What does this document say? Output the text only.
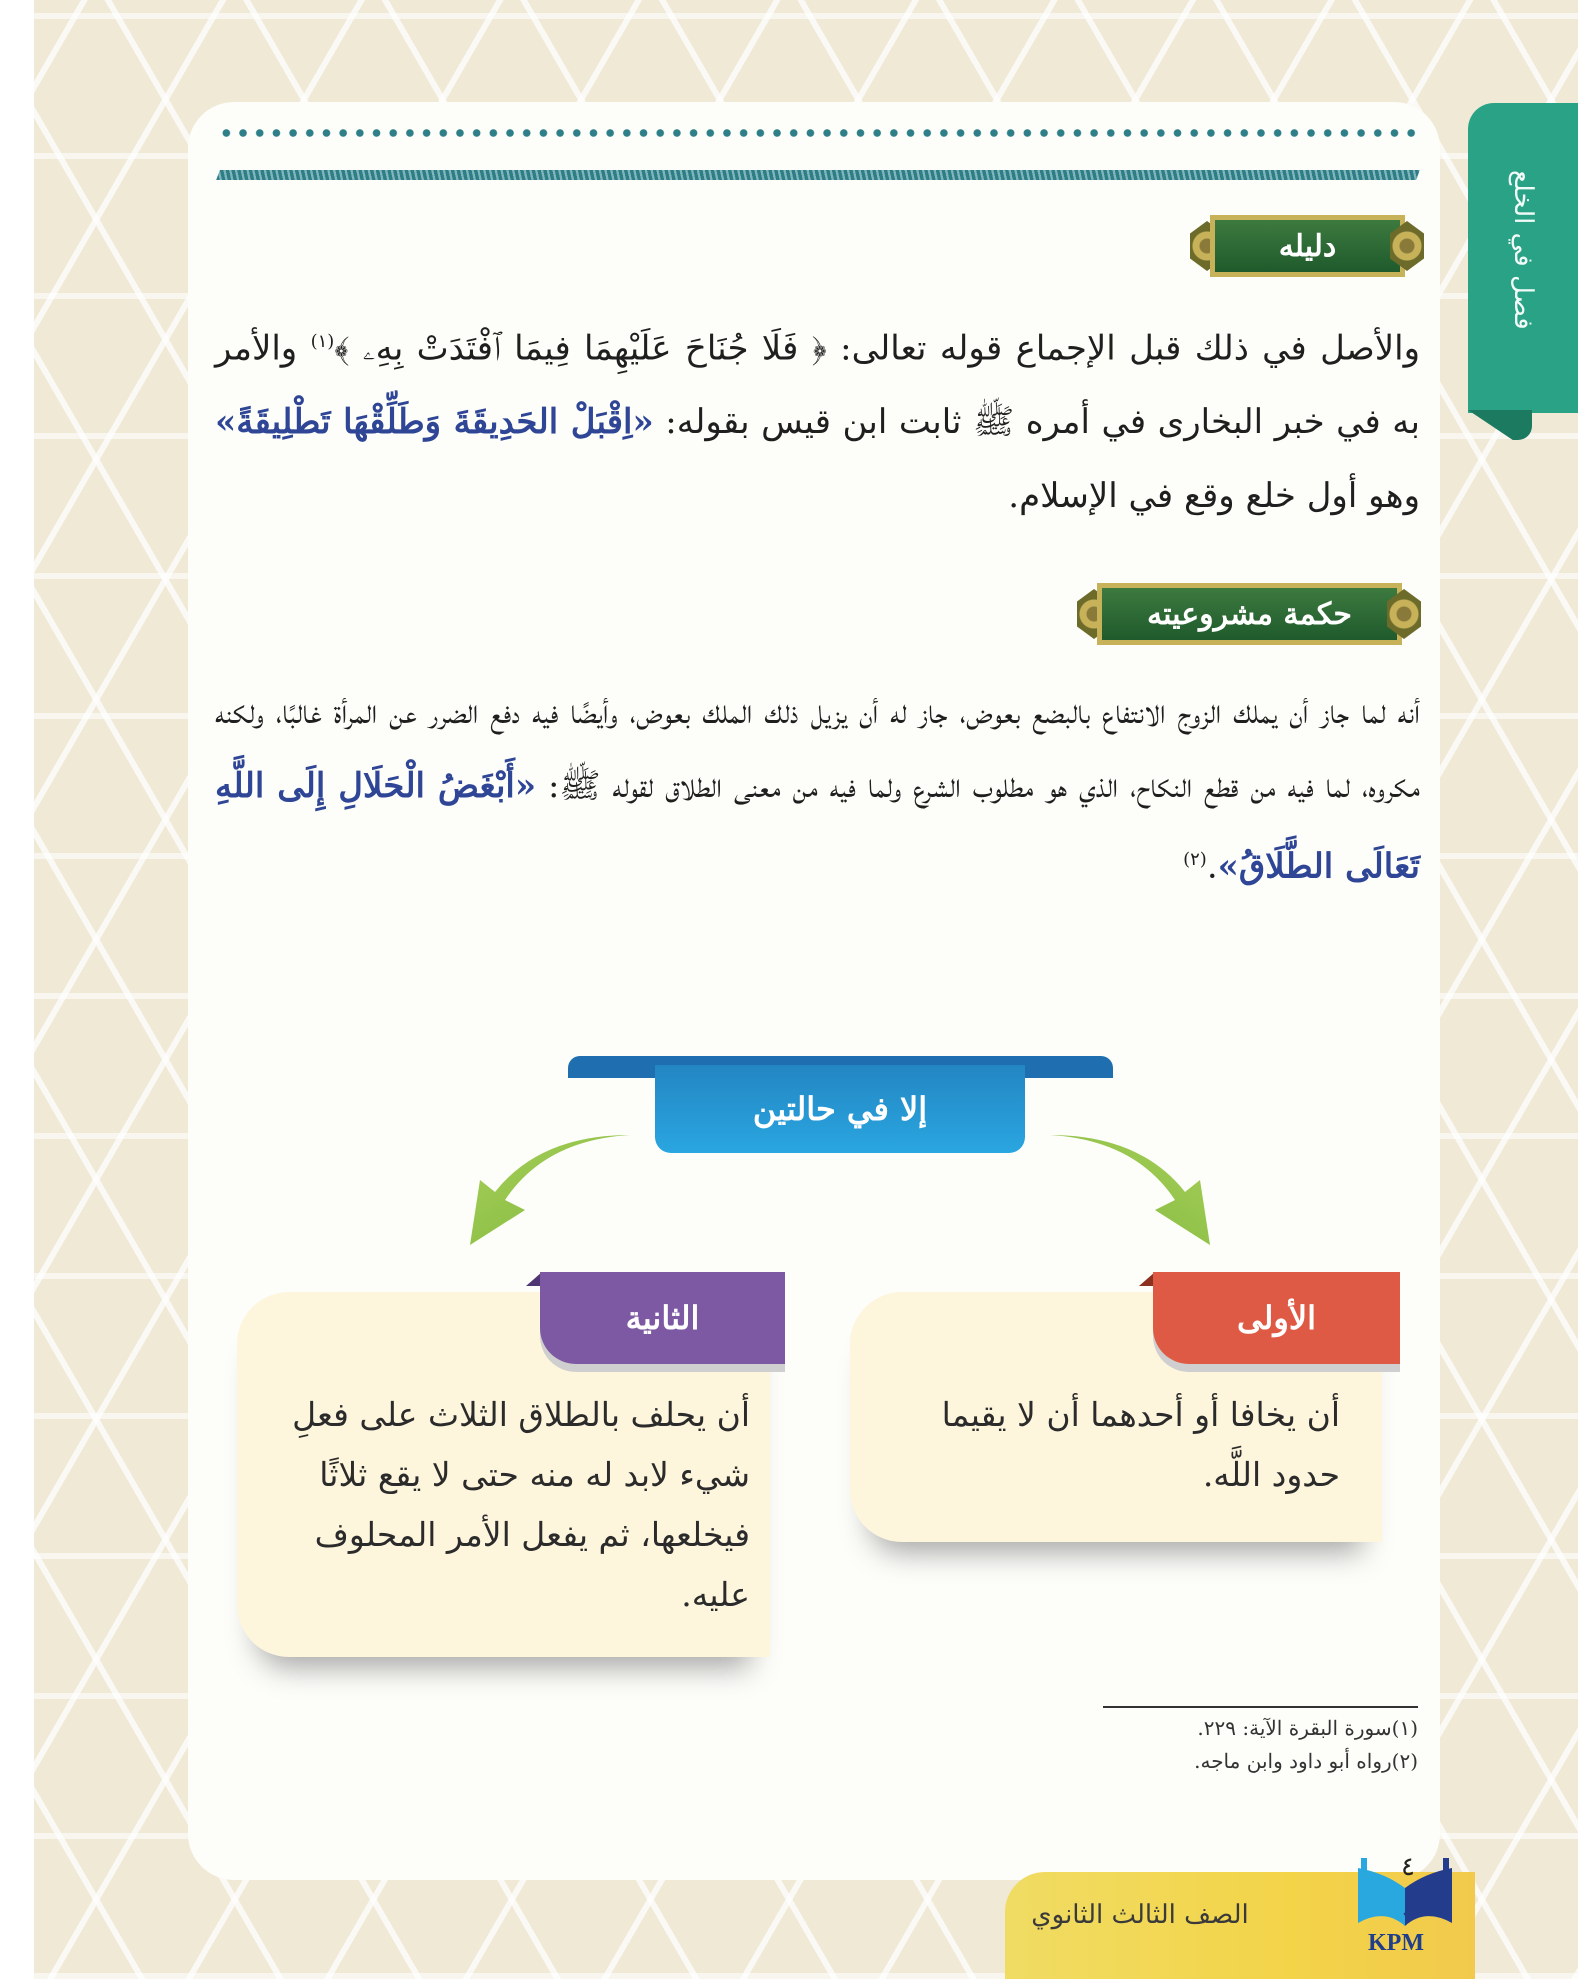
فصل في الخلع
دليله
والأصل في ذلك قبل الإجماع قوله تعالى: ﴿ فَلَا جُنَاحَ عَلَيْهِمَا فِيمَا ٱفْتَدَتْ بِهِۦ ﴾$^{(١)}$ والأمر به في خبر البخارى في أمره ﷺ ثابت ابن قيس بقوله: «اِقْبَلْ الحَدِيقَةَ وَطَلِّقْهَا تَطْلِيقَةً» وهو أول خلع وقع في الإسلام.
حكمة مشروعيته
أنه لما جاز أن يملك الزوج الانتفاع بالبضع بعوض، جاز له أن يزيل ذلك الملك بعوض، وأيضًا فيه دفع الضرر عن المرأة غالبًا، ولكنه مكروه، لما فيه من قطع النكاح، الذي هو مطلوب الشرع ولما فيه من معنى الطلاق لقوله ﷺ: «أَبْغَضُ الْحَلَالِ إِلَى اللَّهِ تَعَالَى الطَّلَاقُ».$^{(٢)}$
إلا في حالتين
الثانية
أن يحلف بالطلاق الثلاث على فعلِ شيء لابد له منه حتى لا يقع ثلاثًا فيخلعها، ثم يفعل الأمر المحلوف عليه.
الأولى
أن يخافا أو أحدهما أن لا يقيما حدود اللَّه.
(١)سورة البقرة الآية: ٢٢٩.
(٢)رواه أبو داود وابن ماجه.
الصف الثالث الثانوي
٤
KPM
